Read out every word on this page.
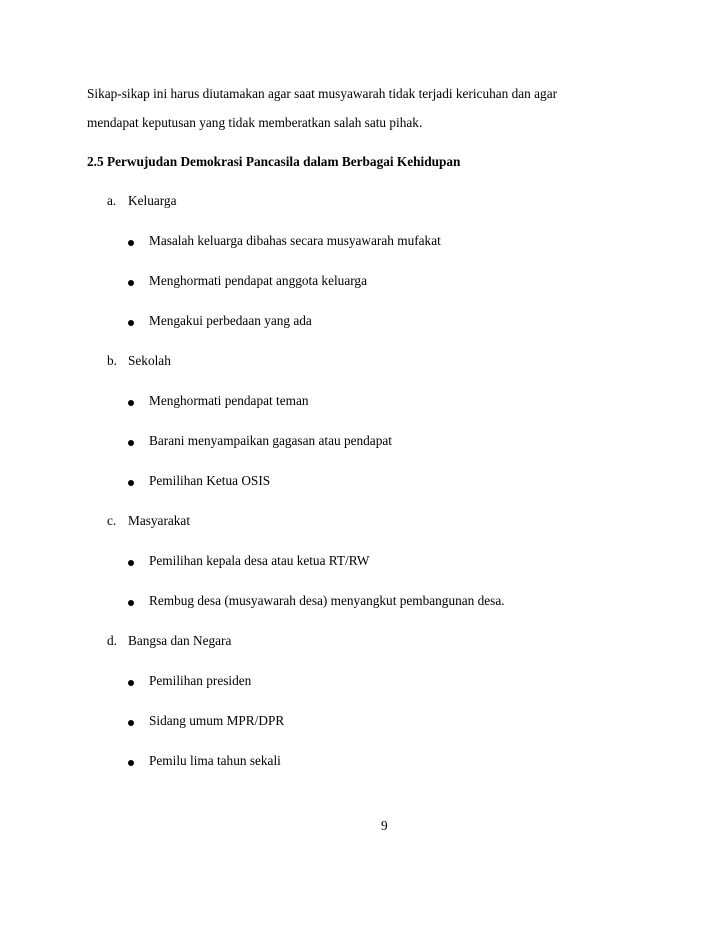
Sikap-sikap ini harus diutamakan agar saat musyawarah tidak terjadi kericuhan dan agar
mendapat keputusan yang tidak memberatkan salah satu pihak.
2.5 Perwujudan Demokrasi Pancasila dalam Berbagai Kehidupan
a. Keluarga
Masalah keluarga dibahas secara musyawarah mufakat
Menghormati pendapat anggota keluarga
Mengakui perbedaan yang ada
b. Sekolah
Menghormati pendapat teman
Barani menyampaikan gagasan atau pendapat
Pemilihan Ketua OSIS
c. Masyarakat
Pemilihan kepala desa atau ketua RT/RW
Rembug desa (musyawarah desa) menyangkut pembangunan desa.
d. Bangsa dan Negara
Pemilihan presiden
Sidang umum MPR/DPR
Pemilu lima tahun sekali
9
